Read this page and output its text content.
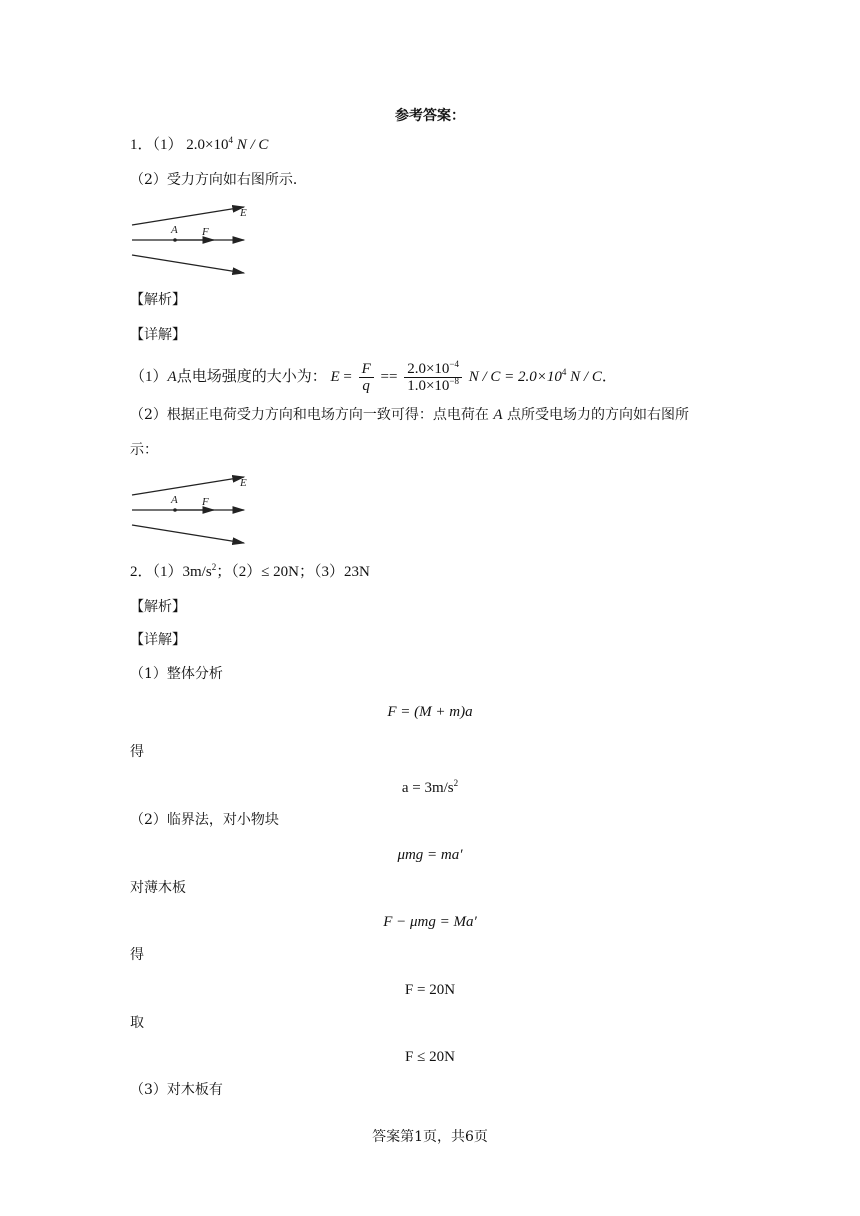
参考答案：
1．（1） $2.0\times 10^4$ N / C
（2）受力方向如右图所示．
E
A F
【解析】
【详解】
（1）A点电场强度的大小为： $E = \frac{F}{q} == \frac{2.0\times 10^{-4}}{1.0\times 10^{-8}}$ $N / C = 2.0\times 10^4$ N / C．
（2）根据正电荷受力方向和电场方向一致可得：点电荷在 A 点所受电场力的方向如右图所
示：
E
A F
2．$(1)3m/s^2$；（2）≤ 20N；（3）23N
【解析】
【详解】
（1）整体分析
F = (M + m)a
得
$a = 3m/s^2$
（2）临界法，对小物块
μmg = ma′
对薄木板
F − μmg = Ma′
得
F = 20N
取
F ≤ 20N
（3）对木板有
答案第1页，共6页
